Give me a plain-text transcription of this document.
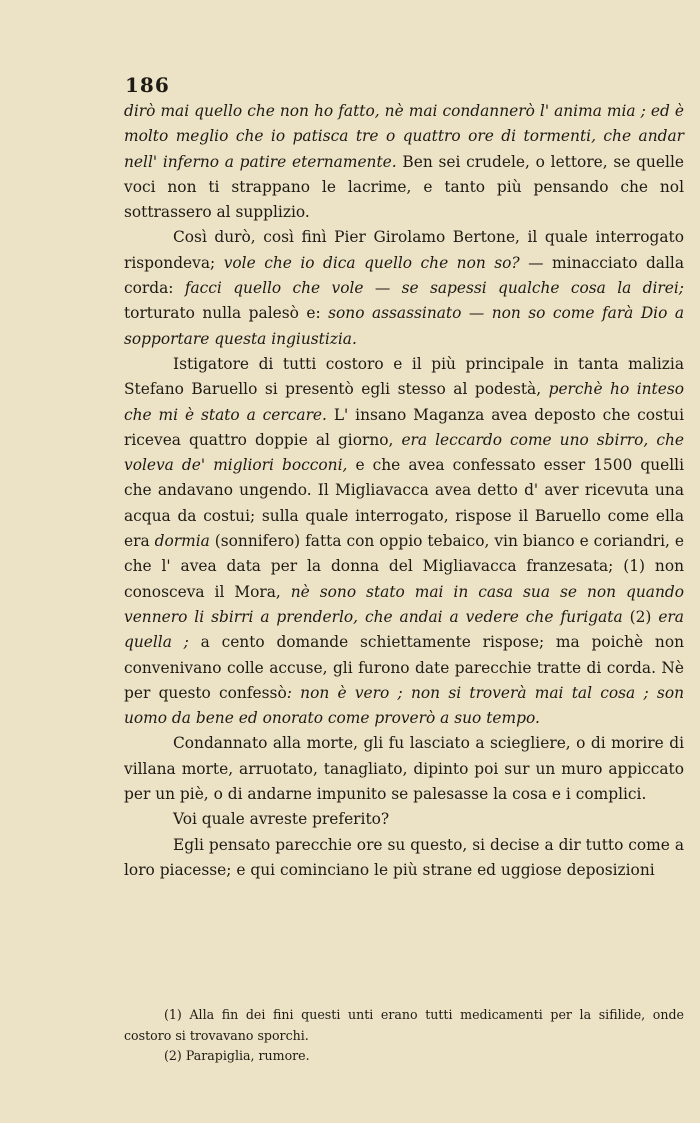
186

dirò mai quello che non ho fatto, nè mai condannerò l' anima mia ; ed è molto meglio che io patisca tre o quattro ore di tormenti, che andar nell' inferno a patire eternamente. Ben sei crudele, o lettore, se quelle voci non ti strappano le lacrime, e tanto più pensando che nol sottrassero al supplizio.

Così durò, così finì Pier Girolamo Bertone, il quale interrogato rispondeva; vole che io dica quello che non so? — minacciato dalla corda: facci quello che vole — se sapessi qualche cosa la direi; torturato nulla palesò e: sono assassinato — non so come farà Dio a sopportare questa ingiustizia.

Istigatore di tutti costoro e il più principale in tanta malizia Stefano Baruello si presentò egli stesso al podestà, perchè ho inteso che mi è stato a cercare. L' insano Maganza avea deposto che costui ricevea quattro doppie al giorno, era leccardo come uno sbirro, che voleva de' migliori bocconi, e che avea confessato esser 1500 quelli che andavano ungendo. Il Migliavacca avea detto d' aver ricevuta una acqua da costui; sulla quale interrogato, rispose il Baruello come ella era dormia (sonnifero) fatta con oppio tebaico, vin bianco e coriandri, e che l' avea data per la donna del Migliavacca franzesata; (1) non conosceva il Mora, nè sono stato mai in casa sua se non quando vennero li sbirri a prenderlo, che andai a vedere che furigata (2) era quella ; a cento domande schiettamente rispose; ma poichè non convenivano colle accuse, gli furono date parecchie tratte di corda. Nè per questo confessò: non è vero ; non si troverà mai tal cosa ; son uomo da bene ed onorato come proverò a suo tempo.

Condannato alla morte, gli fu lasciato a sciegliere, o di morire di villana morte, arruotato, tanagliato, dipinto poi sur un muro appiccato per un piè, o di andarne impunito se palesasse la cosa e i complici.

Voi quale avreste preferito?

Egli pensato parecchie ore su questo, si decise a dir tutto come a loro piacesse; e qui cominciano le più strane ed uggiose deposizioni

(1) Alla fin dei fini questi unti erano tutti medicamenti per la sifilide, onde costoro si trovavano sporchi.

(2) Parapiglia, rumore.
